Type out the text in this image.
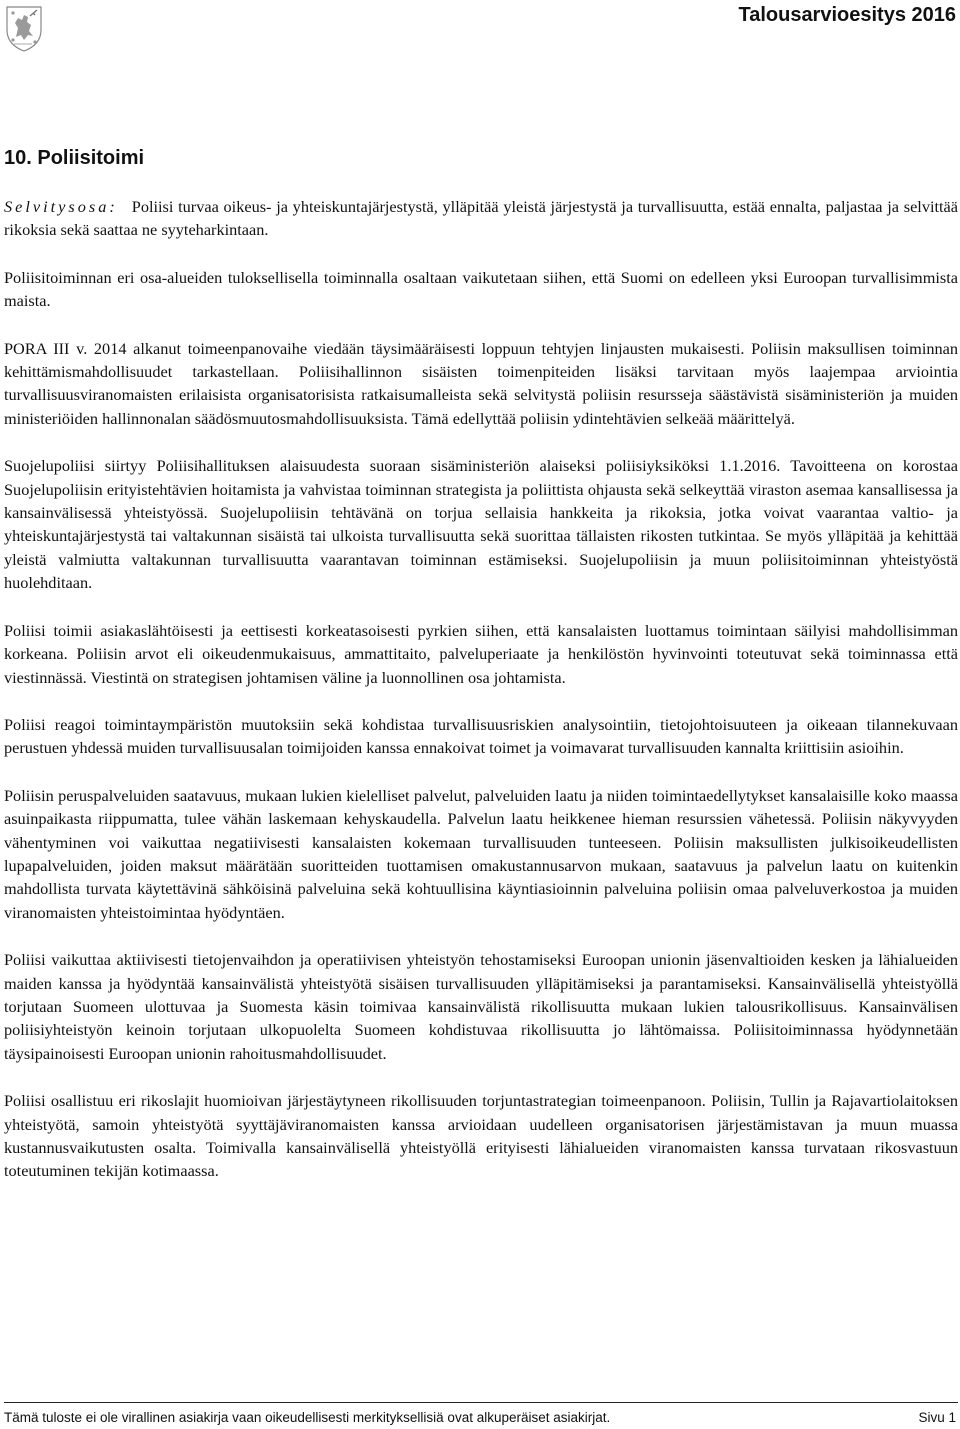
Talousarvioesitys 2016
10. Poliisitoimi

Selvitysosa: Poliisi turvaa oikeus- ja yhteiskuntajärjestystä, ylläpitää yleistä järjestystä ja turvallisuutta, estää ennalta, paljastaa ja selvittää rikoksia sekä saattaa ne syyteharkintaan.

Poliisitoiminnan eri osa-alueiden tuloksellisella toiminnalla osaltaan vaikutetaan siihen, että Suomi on edelleen yksi Euroopan turvallisimmista maista.

PORA III v. 2014 alkanut toimeenpanovaihe viedään täysimääräisesti loppuun tehtyjen linjausten mukaisesti. Poliisin maksullisen toiminnan kehittämismahdollisuudet tarkastellaan. Poliisihallinnon sisäisten toimenpiteiden lisäksi tarvitaan myös laajempaa arviointia turvallisuusviranomaisten erilaisista organisatorisista ratkaisumalleista sekä selvitystä poliisin resursseja säästävistä sisäministeriön ja muiden ministeriöiden hallinnonalan säädösmuutosmahdollisuuksista. Tämä edellyttää poliisin ydintehtävien selkeää määrittelyä.

Suojelupoliisi siirtyy Poliisihallituksen alaisuudesta suoraan sisäministeriön alaiseksi poliisiyksiköksi 1.1.2016. Tavoitteena on korostaa Suojelupoliisin erityistehtävien hoitamista ja vahvistaa toiminnan strategista ja poliittista ohjausta sekä selkeyttää viraston asemaa kansallisessa ja kansainvälisessä yhteistyössä. Suojelupoliisin tehtävänä on torjua sellaisia hankkeita ja rikoksia, jotka voivat vaarantaa valtio- ja yhteiskuntajärjestystä tai valtakunnan sisäistä tai ulkoista turvallisuutta sekä suorittaa tällaisten rikosten tutkintaa. Se myös ylläpitää ja kehittää yleistä valmiutta valtakunnan turvallisuutta vaarantavan toiminnan estämiseksi. Suojelupoliisin ja muun poliisitoiminnan yhteistyöstä huolehditaan.

Poliisi toimii asiakaslähtöisesti ja eettisesti korkeatasoisesti pyrkien siihen, että kansalaisten luottamus toimintaan säilyisi mahdollisimman korkeana. Poliisin arvot eli oikeudenmukaisuus, ammattitaito, palveluperiaate ja henkilöstön hyvinvointi toteutuvat sekä toiminnassa että viestinnässä. Viestintä on strategisen johtamisen väline ja luonnollinen osa johtamista.

Poliisi reagoi toimintaympäristön muutoksiin sekä kohdistaa turvallisuusriskien analysointiin, tietojohtoisuuteen ja oikeaan tilannekuvaan perustuen yhdessä muiden turvallisuusalan toimijoiden kanssa ennakoivat toimet ja voimavarat turvallisuuden kannalta kriittisiin asioihin.

Poliisin peruspalveluiden saatavuus, mukaan lukien kielelliset palvelut, palveluiden laatu ja niiden toimintaedellytykset kansalaisille koko maassa asuinpaikasta riippumatta, tulee vähän laskemaan kehyskaudella. Palvelun laatu heikkenee hieman resurssien vähetessä. Poliisin näkyvyyden vähentyminen voi vaikuttaa negatiivisesti kansalaisten kokemaan turvallisuuden tunteeseen. Poliisin maksullisten julkisoikeudellisten lupapalveluiden, joiden maksut määrätään suoritteiden tuottamisen omakustannusarvon mukaan, saatavuus ja palvelun laatu on kuitenkin mahdollista turvata käytettävinä sähköisinä palveluina sekä kohtuullisina käyntiasioinnin palveluina poliisin omaa palveluverkostoa ja muiden viranomaisten yhteistoimintaa hyödyntäen.

Poliisi vaikuttaa aktiivisesti tietojenvaihdon ja operatiivisen yhteistyön tehostamiseksi Euroopan unionin jäsenvaltioiden kesken ja lähialueiden maiden kanssa ja hyödyntää kansainvälistä yhteistyötä sisäisen turvallisuuden ylläpitämiseksi ja parantamiseksi. Kansainvälisellä yhteistyöllä torjutaan Suomeen ulottuvaa ja Suomesta käsin toimivaa kansainvälistä rikollisuutta mukaan lukien talousrikollisuus. Kansainvälisen poliisiyhteistyön keinoin torjutaan ulkopuolelta Suomeen kohdistuvaa rikollisuutta jo lähtömaissa. Poliisitoiminnassa hyödynnetään täysipainoisesti Euroopan unionin rahoitusmahdollisuudet.

Poliisi osallistuu eri rikoslajit huomioivan järjestäytyneen rikollisuuden torjuntastrategian toimeenpanoon. Poliisin, Tullin ja Rajavartiolaitoksen yhteistyötä, samoin yhteistyötä syyttäjäviranomaisten kanssa arvioidaan uudelleen organisatorisen järjestämistavan ja muun muassa kustannusvaikutusten osalta. Toimivalla kansainvälisellä yhteistyöllä erityisesti lähialueiden viranomaisten kanssa turvataan rikosvastuun toteutuminen tekijän kotimaassa.

Tämä tuloste ei ole virallinen asiakirja vaan oikeudellisesti merkityksellisiä ovat alkuperäiset asiakirjat.	Sivu 1
